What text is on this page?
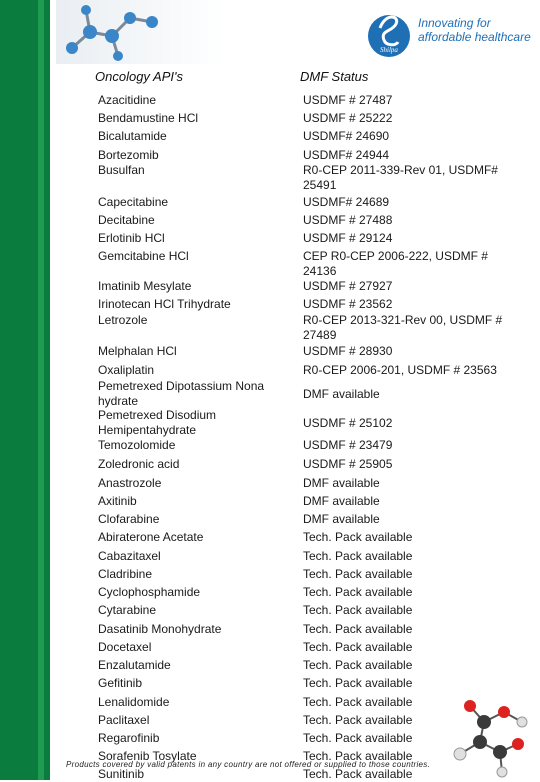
Shilpa
Innovating for
affordable healthcare
Oncology API's	DMF Status
Azacitidine	USDMF # 27487
Bendamustine HCl	USDMF # 25222
Bicalutamide	USDMF# 24690
Bortezomib	USDMF# 24944
Busulfan	R0-CEP 2011-339-Rev 01, USDMF# 25491
Capecitabine	USDMF# 24689
Decitabine	USDMF # 27488
Erlotinib HCl	USDMF # 29124
Gemcitabine HCl	CEP R0-CEP 2006-222, USDMF # 24136
Imatinib Mesylate	USDMF # 27927
Irinotecan HCl Trihydrate	USDMF # 23562
Letrozole	R0-CEP 2013-321-Rev 00, USDMF # 27489
Melphalan HCl	USDMF # 28930
Oxaliplatin	R0-CEP 2006-201, USDMF # 23563
Pemetrexed Dipotassium Nona hydrate	DMF available
Pemetrexed Disodium Hemipentahydrate	USDMF # 25102
Temozolomide	USDMF # 23479
Zoledronic acid	USDMF # 25905
Anastrozole	DMF available
Axitinib	DMF available
Clofarabine	DMF available
Abiraterone Acetate	Tech. Pack available
Cabazitaxel	Tech. Pack available
Cladribine	Tech. Pack available
Cyclophosphamide	Tech. Pack available
Cytarabine	Tech. Pack available
Dasatinib Monohydrate	Tech. Pack available
Docetaxel	Tech. Pack available
Enzalutamide	Tech. Pack available
Gefitinib	Tech. Pack available
Lenalidomide	Tech. Pack available
Paclitaxel	Tech. Pack available
Regarofinib	Tech. Pack available
Sorafenib Tosylate	Tech. Pack available
Sunitinib	Tech. Pack available
Products covered by valid patents in any country are not offered or supplied to those countries.
